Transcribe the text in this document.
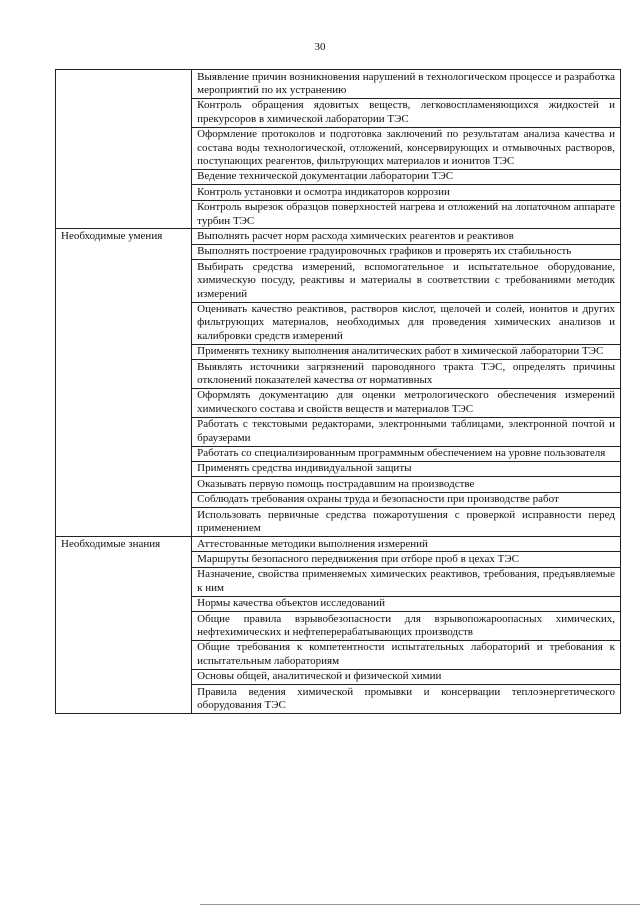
30
	Выявление причин возникновения нарушений в технологическом процессе и разработка мероприятий по их устранению
	Контроль обращения ядовитых веществ, легковоспламеняющихся жидкостей и прекурсоров в химической лаборатории ТЭС
	Оформление протоколов и подготовка заключений по результатам анализа качества и состава воды технологической, отложений, консервирующих и отмывочных растворов, поступающих реагентов, фильтрующих материалов и ионитов ТЭС
	Ведение технической документации лаборатории ТЭС
	Контроль установки и осмотра индикаторов коррозии
	Контроль вырезок образцов поверхностей нагрева и отложений на лопаточном аппарате турбин ТЭС
Необходимые умения	Выполнять расчет норм расхода химических реагентов и реактивов
	Выполнять построение градуировочных графиков и проверять их стабильность
	Выбирать средства измерений, вспомогательное и испытательное оборудование, химическую посуду, реактивы и материалы в соответствии с требованиями методик измерений
	Оценивать качество реактивов, растворов кислот, щелочей и солей, ионитов и других фильтрующих материалов, необходимых для проведения химических анализов и калибровки средств измерений
	Применять технику выполнения аналитических работ в химической лаборатории ТЭС
	Выявлять источники загрязнений пароводяного тракта ТЭС, определять причины отклонений показателей качества от нормативных
	Оформлять документацию для оценки метрологического обеспечения измерений химического состава и свойств веществ и материалов ТЭС
	Работать с текстовыми редакторами, электронными таблицами, электронной почтой и браузерами
	Работать со специализированным программным обеспечением на уровне пользователя
	Применять средства индивидуальной защиты
	Оказывать первую помощь пострадавшим на производстве
	Соблюдать требования охраны труда и безопасности при производстве работ
	Использовать первичные средства пожаротушения с проверкой исправности перед применением
Необходимые знания	Аттестованные методики выполнения измерений
	Маршруты безопасного передвижения при отборе проб в цехах ТЭС
	Назначение, свойства применяемых химических реактивов, требования, предъявляемые к ним
	Нормы качества объектов исследований
	Общие правила взрывобезопасности для взрывопожароопасных химических, нефтехимических и нефтеперерабатывающих производств
	Общие требования к компетентности испытательных лабораторий и требования к испытательным лабораториям
	Основы общей, аналитической и физической химии
	Правила ведения химической промывки и консервации теплоэнергетического оборудования ТЭС
